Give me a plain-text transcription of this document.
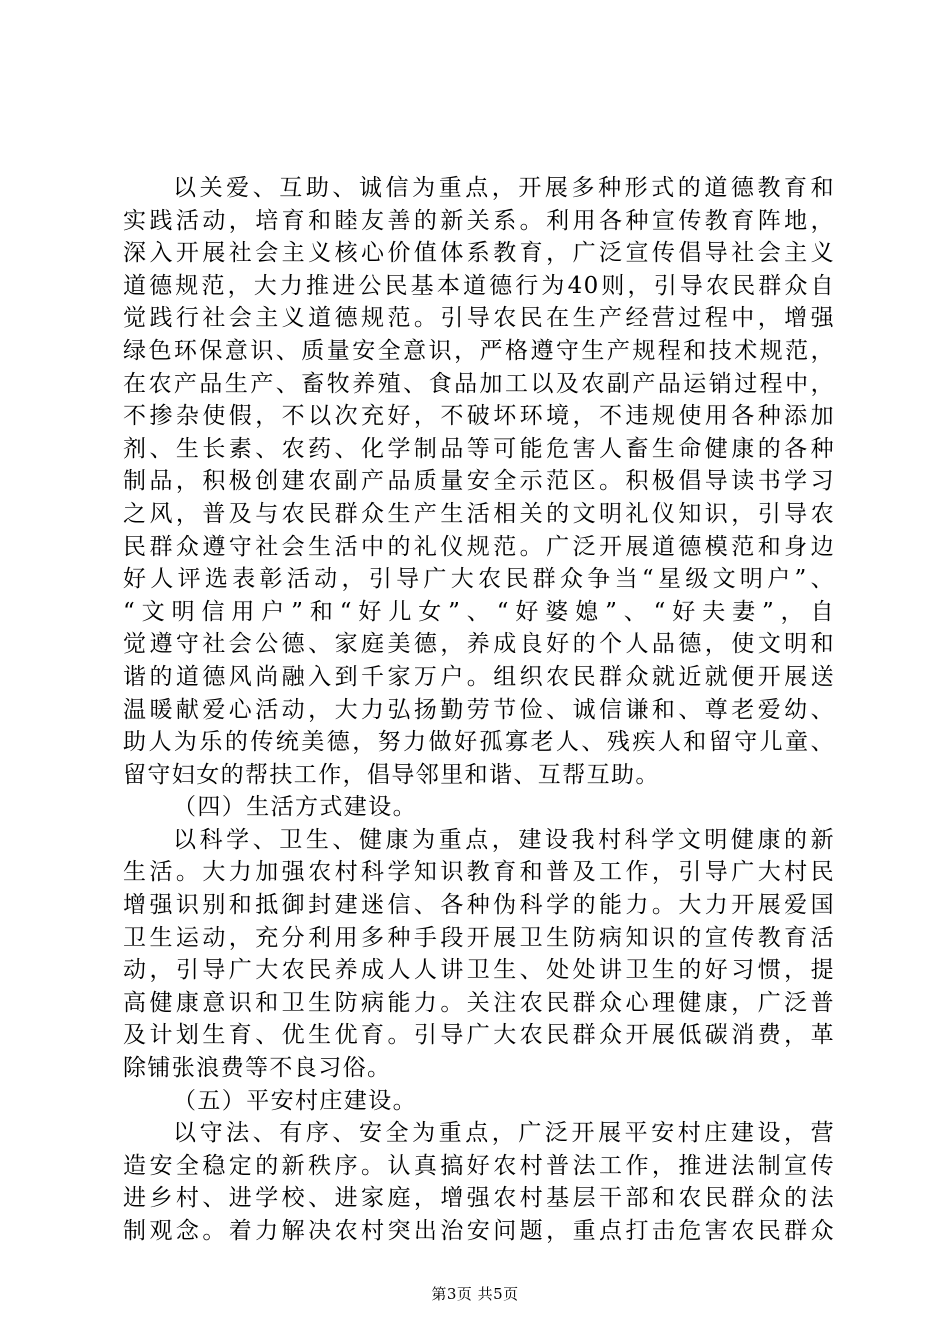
以关爱、互助、诚信为重点，开展多种形式的道德教育和
实践活动，培育和睦友善的新关系。利用各种宣传教育阵地，
深入开展社会主义核心价值体系教育，广泛宣传倡导社会主义
道德规范，大力推进公民基本道德行为40则，引导农民群众自
觉践行社会主义道德规范。引导农民在生产经营过程中，增强
绿色环保意识、质量安全意识，严格遵守生产规程和技术规范，
在农产品生产、畜牧养殖、食品加工以及农副产品运销过程中，
不掺杂使假，不以次充好，不破坏环境，不违规使用各种添加
剂、生长素、农药、化学制品等可能危害人畜生命健康的各种
制品，积极创建农副产品质量安全示范区。积极倡导读书学习
之风，普及与农民群众生产生活相关的文明礼仪知识，引导农
民群众遵守社会生活中的礼仪规范。广泛开展道德模范和身边
好人评选表彰活动，引导广大农民群众争当“星级文明户”、
“文明信用户”和“好儿女”、“好婆媳”、“好夫妻”，自
觉遵守社会公德、家庭美德，养成良好的个人品德，使文明和
谐的道德风尚融入到千家万户。组织农民群众就近就便开展送
温暖献爱心活动，大力弘扬勤劳节俭、诚信谦和、尊老爱幼、
助人为乐的传统美德，努力做好孤寡老人、残疾人和留守儿童、
留守妇女的帮扶工作，倡导邻里和谐、互帮互助。
（四）生活方式建设。
以科学、卫生、健康为重点，建设我村科学文明健康的新
生活。大力加强农村科学知识教育和普及工作，引导广大村民
增强识别和抵御封建迷信、各种伪科学的能力。大力开展爱国
卫生运动，充分利用多种手段开展卫生防病知识的宣传教育活
动，引导广大农民养成人人讲卫生、处处讲卫生的好习惯，提
高健康意识和卫生防病能力。关注农民群众心理健康，广泛普
及计划生育、优生优育。引导广大农民群众开展低碳消费，革
除铺张浪费等不良习俗。
（五）平安村庄建设。
以守法、有序、安全为重点，广泛开展平安村庄建设，营
造安全稳定的新秩序。认真搞好农村普法工作，推进法制宣传
进乡村、进学校、进家庭，增强农村基层干部和农民群众的法
制观念。着力解决农村突出治安问题，重点打击危害农民群众
第3页 共5页
